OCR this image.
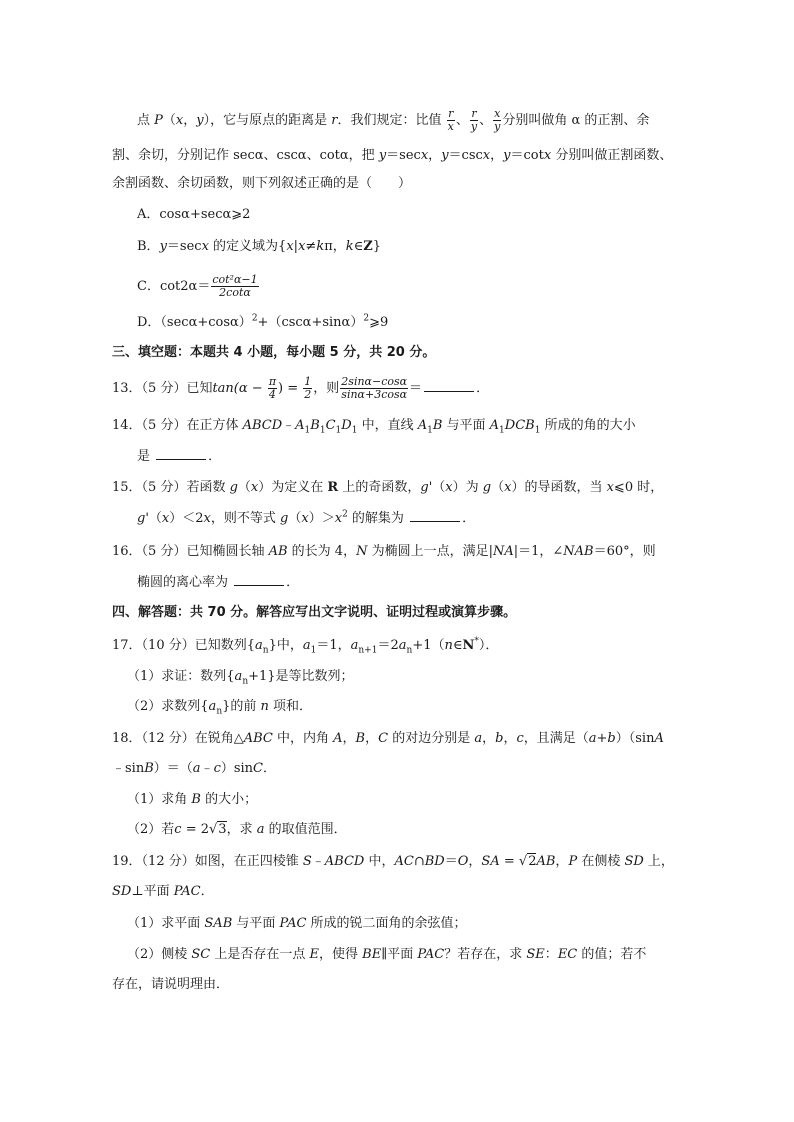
点 P（x，y），它与原点的距离是 r．我们规定：比值 $\frac{r}{x}$ 、 $\frac{r}{y}$ 、 $\frac{x}{y}$ 分别叫做角 α 的正割、余
割、余切，分别记作 secα、cscα、cotα，把 y＝secx，y＝cscx，y＝cotx 分别叫做正割函数、
余割函数、余切函数，则下列叙述正确的是（　　）
A．cosα+secα⩾2
B．y＝secx 的定义域为{x|x≠kπ，k∈Z}
C．$\cot 2\alpha= \frac{\text{cot²α−1}}{2\cot\alpha}$
D．$(\sec\alpha+\cos\alpha)^2+(\csc\alpha+\sin\alpha)^2⩾9$
三、填空题：本题共 4 小题，每小题 5 分，共 20 分。
13．（5 分）已知$\tan(\alpha - \frac{\pi}{4}$ ) = $\frac{1}{2}$ ，则 $\frac{2\sin\alpha-\cos\alpha}{\sin\alpha+3\cos\alpha}$ ＝	．
14．（5 分）在正方体 $ABCD﹣A_1B_1C_1D_1$ 中，直线 $A_1B$ 与平面 $A_1DCB_1$ 所成的角的大小
是	．
15．（5 分）若函数 g（x）为定义在 R 上的奇函数，g'（x）为 g（x）的导函数，当 x⩽0 时，
g'（x）＜2x，则不等式 $g(x)>x^2$ 的解集为	．
16．（5 分）已知椭圆长轴 AB 的长为 4，N 为椭圆上一点，满足|NA|＝1，∠NAB＝60°，则
椭圆的离心率为	．
四、解答题：共 70 分。解答应写出文字说明、证明过程或演算步骤。
17．（10 分）已知数列$\{a_n\}$中，$a_1=1$，$a_{n+1}=2a_n+1(n\in N^*)$．
（1）求证：数列$\{a_n+1\}$是等比数列；
（2）求数列$\{a_n\}$的前 n 项和．
18．（12 分）在锐角△ABC 中，内角 A，B，C 的对边分别是 a，b，c，且满足（a+b）（sinA
﹣sinB）＝（a﹣c）sinC．
（1）求角 B 的大小；
（2）若c = 2√3，求 a 的取值范围．
19．（12 分）如图，在正四棱锥 S﹣ABCD 中，AC∩BD＝O，SA = √2AB，P 在侧棱 SD 上，
SD⊥平面 PAC．
（1）求平面 SAB 与平面 PAC 所成的锐二面角的余弦值；
（2）侧棱 SC 上是否存在一点 E，使得 BE∥平面 PAC？若存在，求 SE：EC 的值；若不
存在，请说明理由．
